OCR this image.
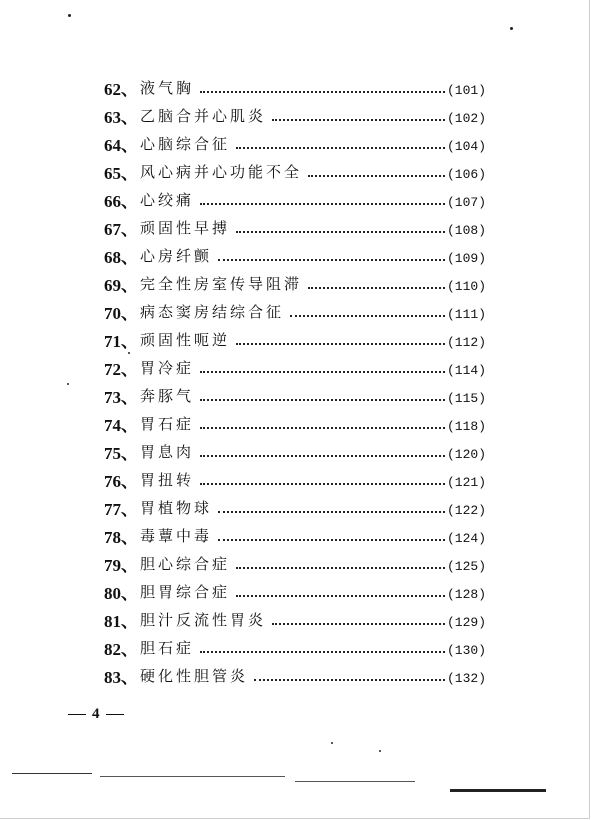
62、 液气胸	(101)
63、 乙脑合并心肌炎	(102)
64、 心脑综合征	(104)
65、 风心病并心功能不全	(106)
66、 心绞痛	(107)
67、 顽固性早搏	(108)
68、 心房纤颤	(109)
69、 完全性房室传导阻滞	(110)
70、 病态窦房结综合征	(111)
71、 顽固性呃逆	(112)
72、 胃冷症	(114)
73、 奔豚气	(115)
74、 胃石症	(118)
75、 胃息肉	(120)
76、 胃扭转	(121)
77、 胃植物球	(122)
78、 毒蕈中毒	(124)
79、 胆心综合症	(125)
80、 胆胃综合症	(128)
81、 胆汁反流性胃炎	(129)
82、 胆石症	(130)
83、 硬化性胆管炎	(132)
4
